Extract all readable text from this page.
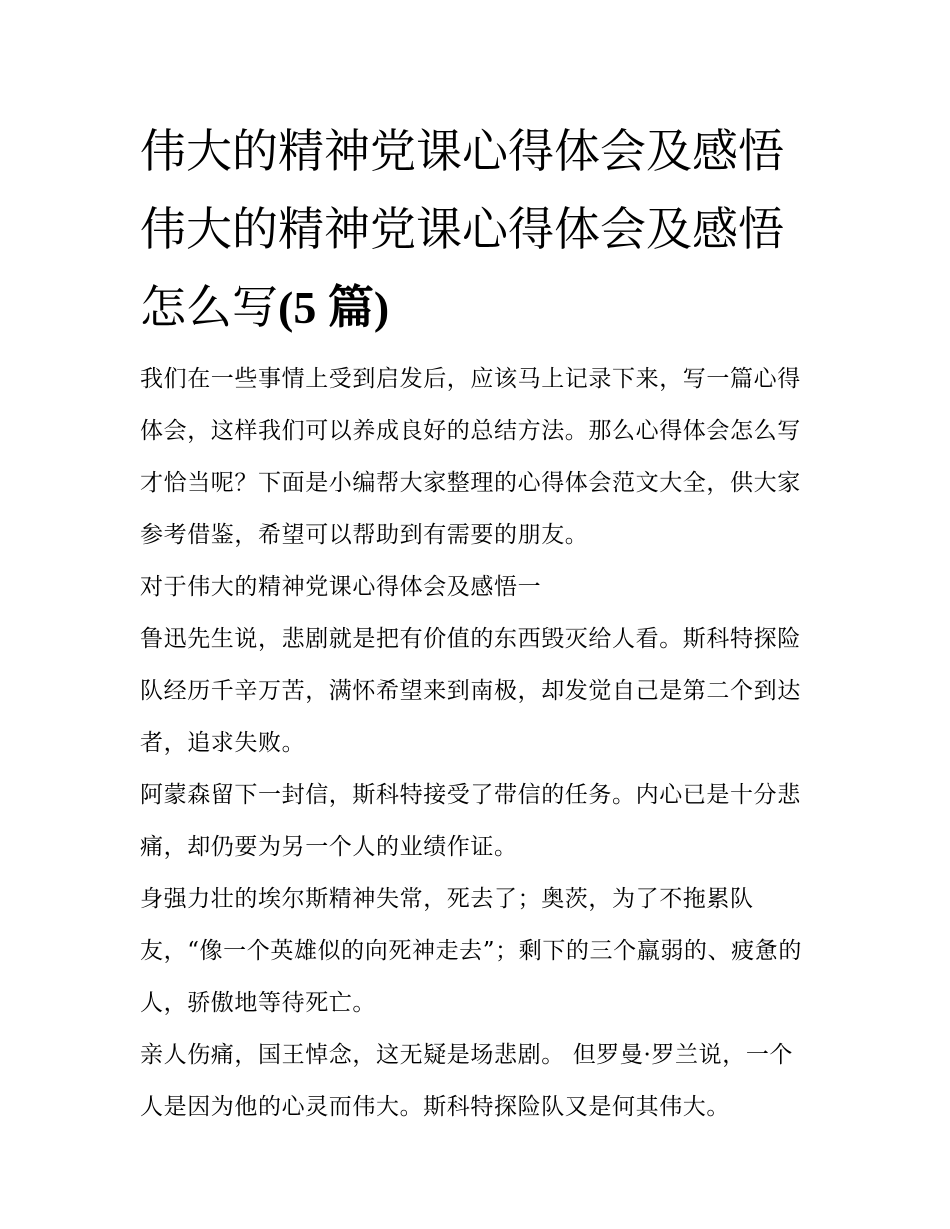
伟大的精神党课心得体会及感悟 伟大的精神党课心得体会及感悟怎么写(5 篇)

我们在一些事情上受到启发后，应该马上记录下来，写一篇心得体会，这样我们可以养成良好的总结方法。那么心得体会怎么写才恰当呢？下面是小编帮大家整理的心得体会范文大全，供大家参考借鉴，希望可以帮助到有需要的朋友。

对于伟大的精神党课心得体会及感悟一

鲁迅先生说，悲剧就是把有价值的东西毁灭给人看。斯科特探险队经历千辛万苦，满怀希望来到南极，却发觉自己是第二个到达者，追求失败。

阿蒙森留下一封信，斯科特接受了带信的任务。内心已是十分悲痛，却仍要为另一个人的业绩作证。

身强力壮的埃尔斯精神失常，死去了；奥茨，为了不拖累队友，“像一个英雄似的向死神走去”；剩下的三个羸弱的、疲惫的人，骄傲地等待死亡。

亲人伤痛，国王悼念，这无疑是场悲剧。 但罗曼·罗兰说，一个人是因为他的心灵而伟大。斯科特探险队又是何其伟大。
